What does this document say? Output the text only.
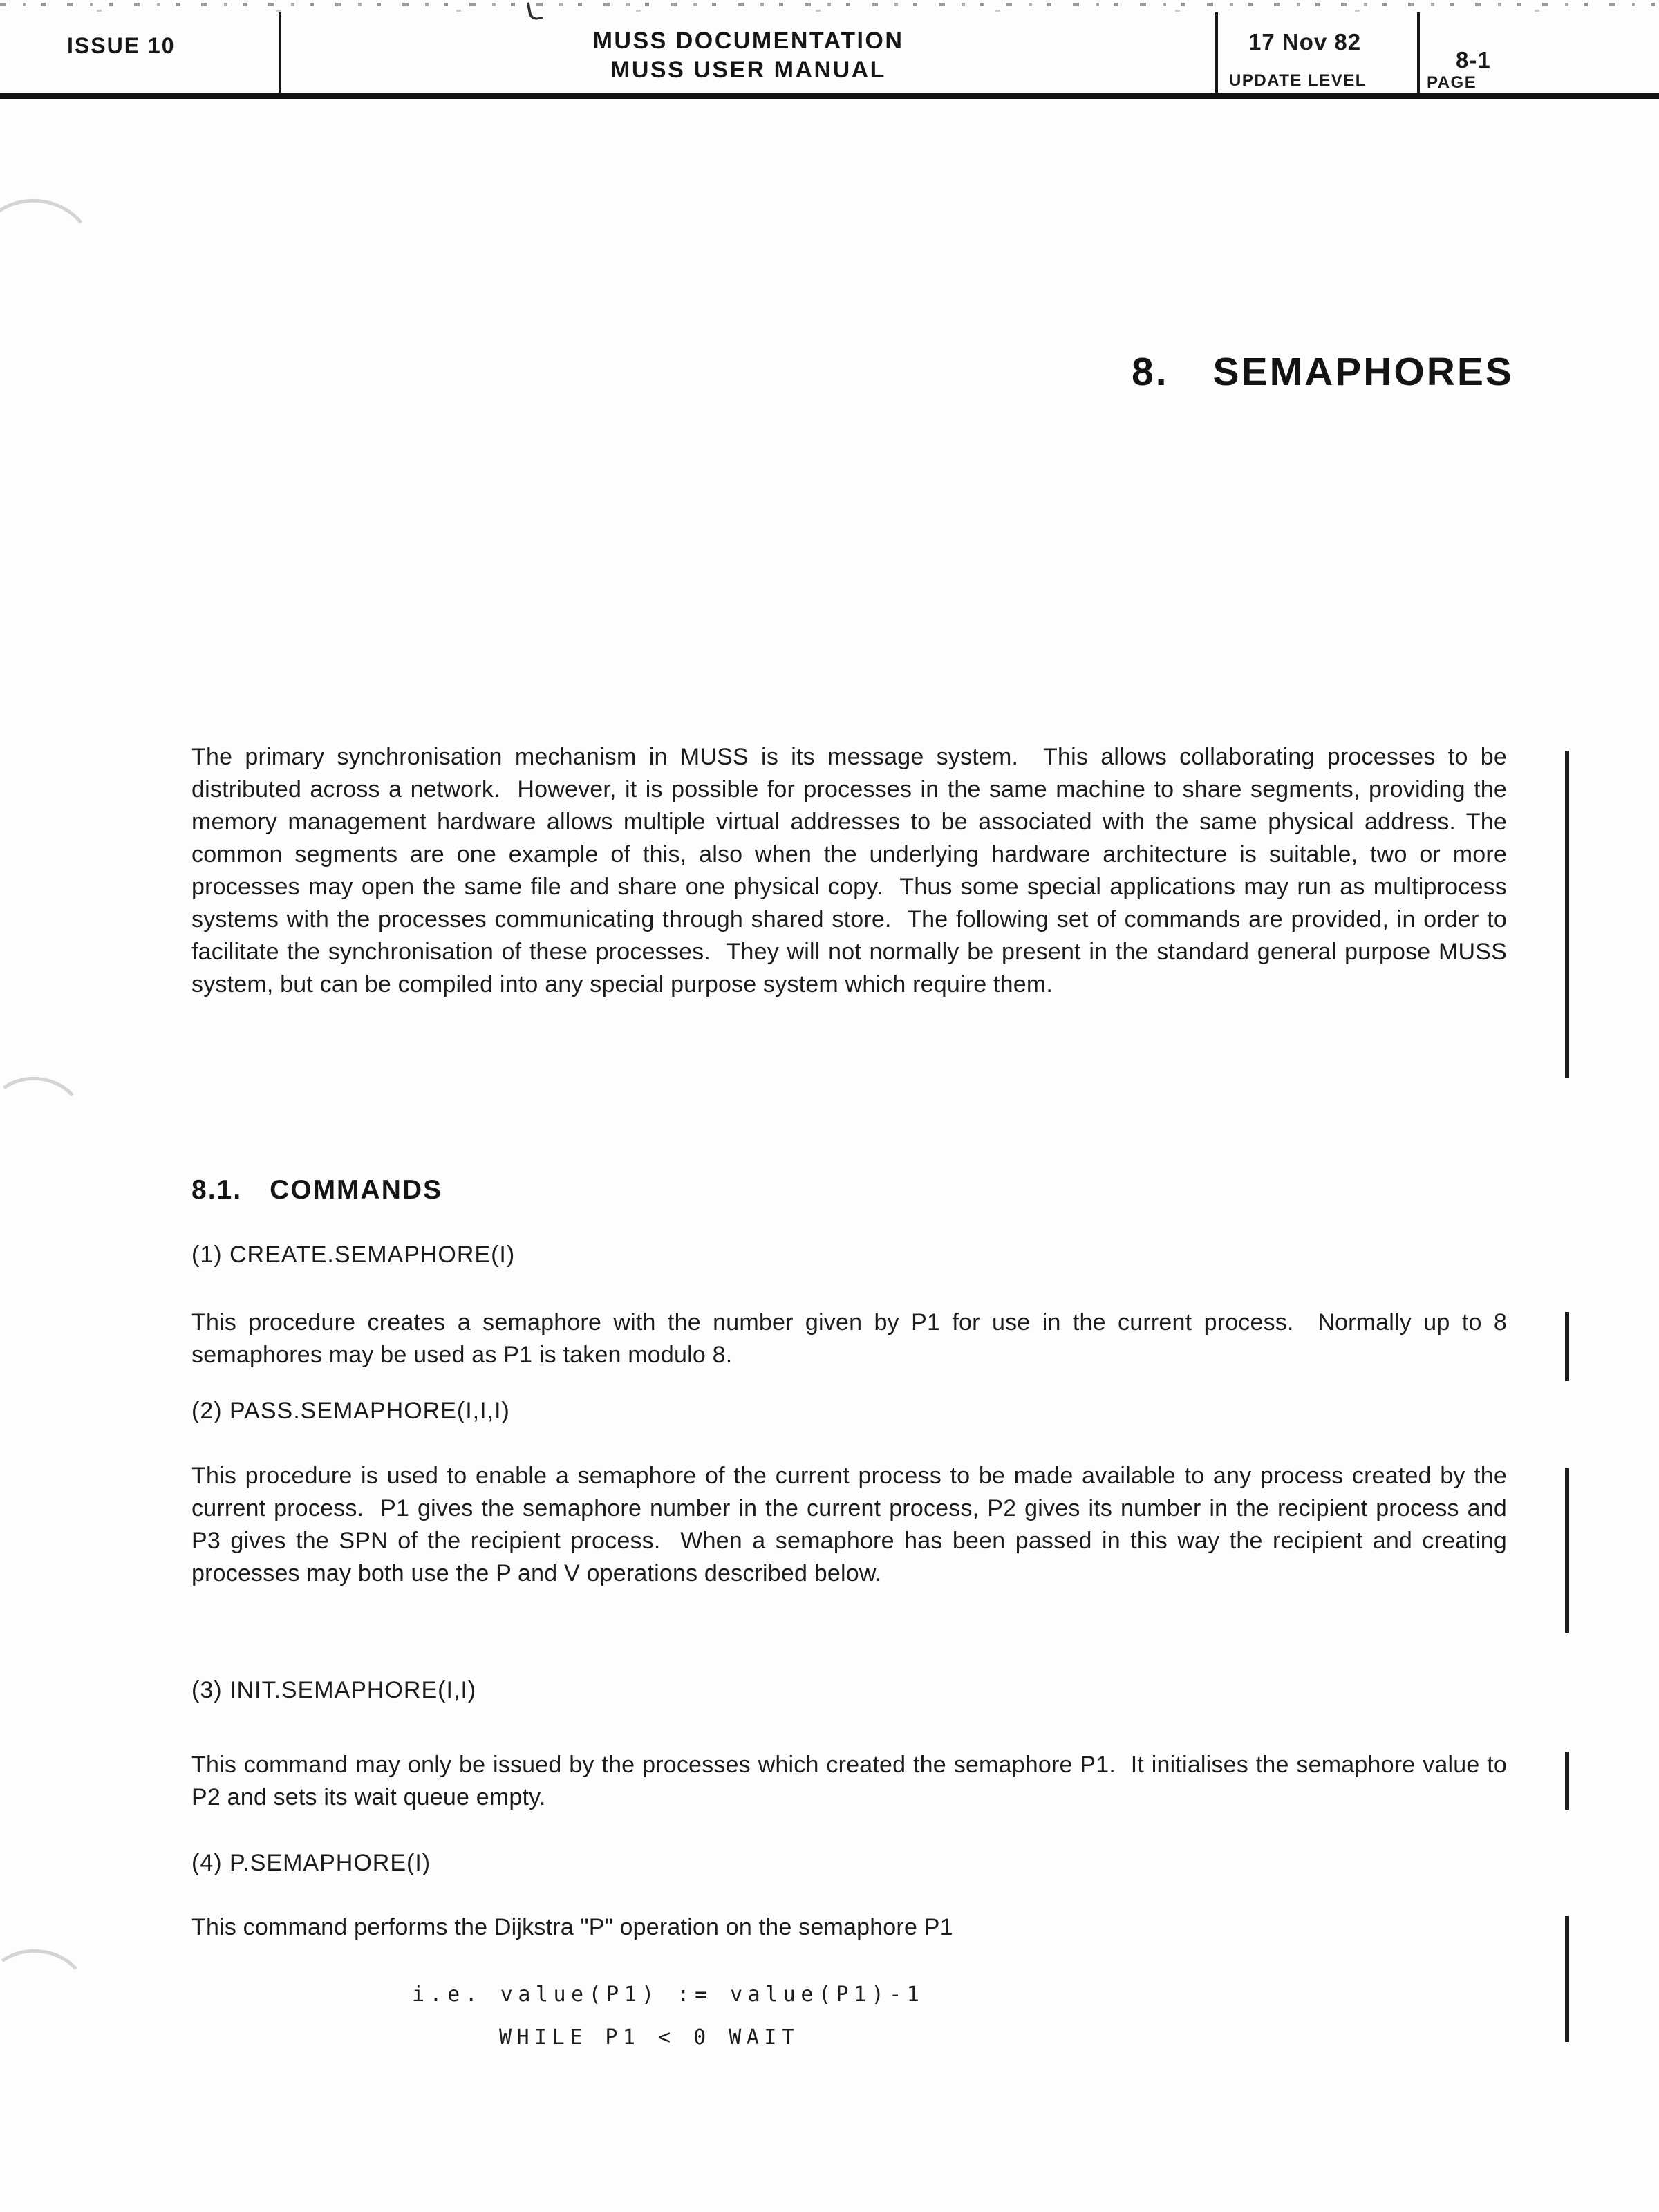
ISSUE 10	MUSS DOCUMENTATION
MUSS USER MANUAL
17 Nov 82
UPDATE LEVEL
8-1
PAGE
8. SEMAPHORES

The primary synchronisation mechanism in MUSS is its message system.  This allows collaborating processes to be distributed across a network.  However, it is possible for processes in the same machine to share segments, providing the memory management hardware allows multiple virtual addresses to be associated with the same physical address. The common segments are one example of this, also when the underlying hardware architecture is suitable, two or more processes may open the same file and share one physical copy.  Thus some special applications may run as multiprocess systems with the processes communicating through shared store.  The following set of commands are provided, in order to facilitate the synchronisation of these processes.  They will not normally be present in the standard general purpose MUSS system, but can be compiled into any special purpose system which require them.

8.1. COMMANDS

(1) CREATE.SEMAPHORE(I)

This procedure creates a semaphore with the number given by P1 for use in the current process.  Normally up to 8 semaphores may be used as P1 is taken modulo 8.

(2) PASS.SEMAPHORE(I,I,I)

This procedure is used to enable a semaphore of the current process to be made available to any process created by the current process.  P1 gives the semaphore number in the current process, P2 gives its number in the recipient process and P3 gives the SPN of the recipient process.  When a semaphore has been passed in this way the recipient and creating processes may both use the P and V operations described below.

(3) INIT.SEMAPHORE(I,I)

This command may only be issued by the processes which created the semaphore P1.  It initialises the semaphore value to P2 and sets its wait queue empty.

(4) P.SEMAPHORE(I)

This command performs the Dijkstra "P" operation on the semaphore P1

i.e. value(P1) := value(P1)-1
WHILE P1 < 0 WAIT
